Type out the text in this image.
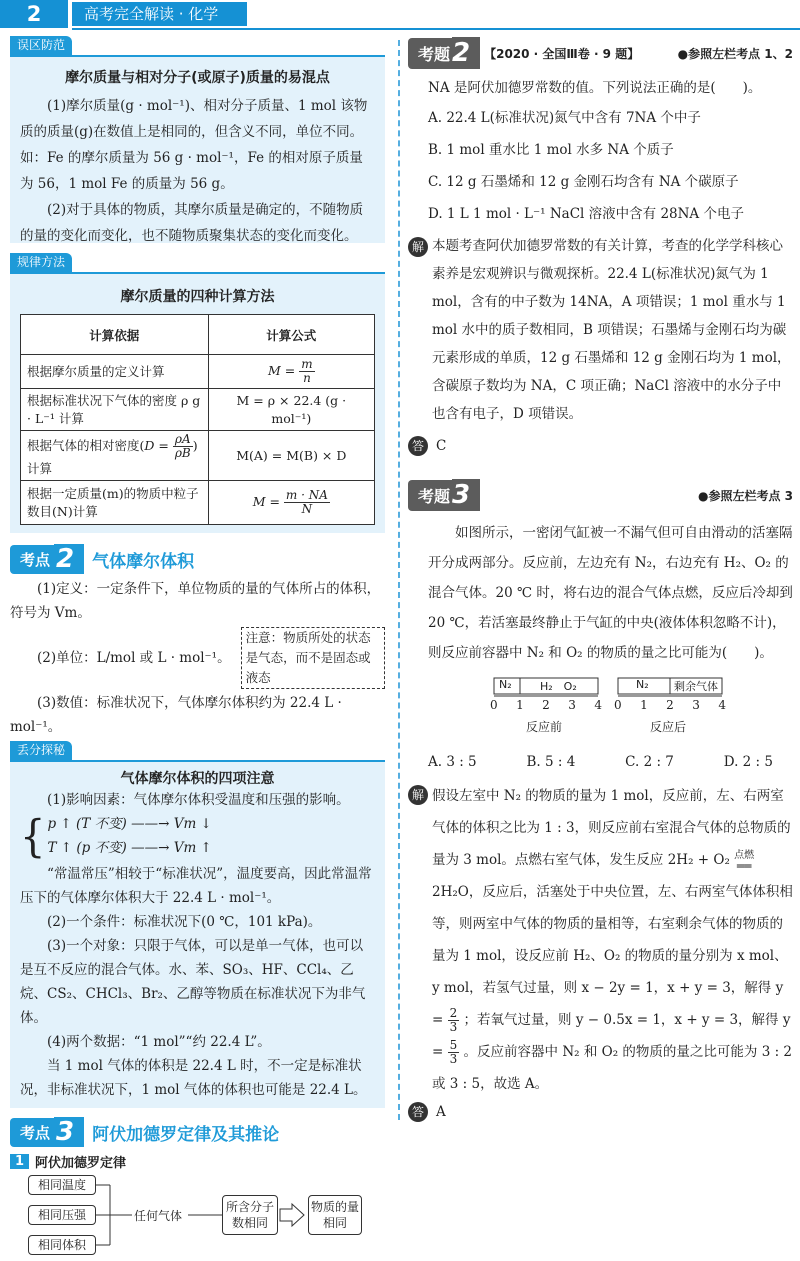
2	高考完全解读 · 化学
误区防范
摩尔质量与相对分子(或原子)质量的易混点
(1)摩尔质量(g · mol⁻¹)、相对分子质量、1 mol 该物质的质量(g)在数值上是相同的，但含义不同，单位不同。如：Fe 的摩尔质量为 56 g · mol⁻¹，Fe 的相对原子质量为 56，1 mol Fe 的质量为 56 g。
(2)对于具体的物质，其摩尔质量是确定的，不随物质的量的变化而变化，也不随物质聚集状态的变化而变化。
规律方法
摩尔质量的四种计算方法
计算依据	计算公式
根据摩尔质量的定义计算	$M = \frac{m}{n}$

根据标准状况下气体的密度 ρ g · L⁻¹ 计算	M = ρ × 22.4 (g · mol⁻¹)
根据气体的相对密度($D = \frac{\rho A}{\rho B}$ )计算	M(A) = M(B) × D
根据一定质量(m)的物质中粒子数目(N)计算	$M = \frac{m \cdot NA}{N}$
考点 2	气体摩尔体积
(1)定义：一定条件下，单位物质的量的气体所占的体积，符号为 Vm。
(2)单位：L/mol 或 L · mol⁻¹。
注意：物质所处的状态是气态，而不是固态或液态
(3)数值：标准状况下，气体摩尔体积约为 22.4 L · mol⁻¹。
丢分探秘
气体摩尔体积的四项注意
(1)影响因素：气体摩尔体积受温度和压强的影响。
{ p ↑ (T 不变) ——→ Vm ↓
T ↑ (p 不变) ——→ Vm ↑
“常温常压”相较于“标准状况”，温度要高，因此常温常压下的气体摩尔体积大于 22.4 L · mol⁻¹。
(2)一个条件：标准状况下(0 ℃，101 kPa)。
(3)一个对象：只限于气体，可以是单一气体，也可以是互不反应的混合气体。水、苯、SO₃、HF、CCl₄、乙烷、CS₂、CHCl₃、Br₂、乙醇等物质在标准状况下为非气体。
(4)两个数据：“1 mol”“约 22.4 L”。
当 1 mol 气体的体积是 22.4 L 时，不一定是标准状况，非标准状况下，1 mol 气体的体积也可能是 22.4 L。
考点 3	阿伏加德罗定律及其推论
1 阿伏加德罗定律
相同温度
相同压强
相同体积
任何气体
所含分子数相同
物质的量相同
考题 2	【2020 · 全国Ⅲ卷 · 9 题】	●参照左栏考点 1、2
NA 是阿伏加德罗常数的值。下列说法正确的是(　　)。
A. 22.4 L(标准状况)氮气中含有 7NA 个中子
B. 1 mol 重水比 1 mol 水多 NA 个质子
C. 12 g 石墨烯和 12 g 金刚石均含有 NA 个碳原子
D. 1 L 1 mol · L⁻¹ NaCl 溶液中含有 28NA 个电子
解 本题考查阿伏加德罗常数的有关计算，考查的化学学科核心素养是宏观辨识与微观探析。22.4 L(标准状况)氮气为 1 mol，含有的中子数为 14NA，A 项错误；1 mol 重水与 1 mol 水中的质子数相同，B 项错误；石墨烯与金刚石均为碳元素形成的单质，12 g 石墨烯和 12 g 金刚石均为 1 mol，含碳原子数均为 NA，C 项正确；NaCl 溶液中的水分子中也含有电子，D 项错误。
答 C
考题 3	●参照左栏考点 3
如图所示，一密闭气缸被一不漏气但可自由滑动的活塞隔开分成两部分。反应前，左边充有 N₂，右边充有 H₂、O₂ 的混合气体。20 ℃ 时，将右边的混合气体点燃，反应后冷却到 20 ℃，若活塞最终静止于气缸的中央(液体体积忽略不计)，则反应前容器中 N₂ 和 O₂ 的物质的量之比可能为(　　)。
N₂	H₂　O₂	N₂ 剩余气体
0 1 2 3 4 0 1 2 3 4
反应前	反应后
A. 3 : 5	B. 5 : 4	C. 2 : 7	D. 2 : 5
解 假设左室中 N₂ 的物质的量为 1 mol，反应前，左、右两室气体的体积之比为 1 : 3，则反应前右室混合气体的总物质的量为 3 mol。点燃右室气体，发生反应 2H₂ + O₂ 点燃
══
2H₂O，反应后，活塞处于中央位置，左、右两室气体体积相等，则两室中气体的物质的量相等，右室剩余气体的物质的量为 1 mol，设反应前 H₂、O₂ 的物质的量分别为 x mol、y mol，若氢气过量，则 x − 2y = 1，x + y = 3，解得 $y = \frac{2}{3}$ ；若氧气过量，则 y − 0.5x = 1，x + y = 3，解得 $y = \frac{5}{3}$ 。反应前容器中 N₂ 和 O₂ 的物质的量之比可能为 3 : 2 或 3 : 5，故选 A。
答 A
